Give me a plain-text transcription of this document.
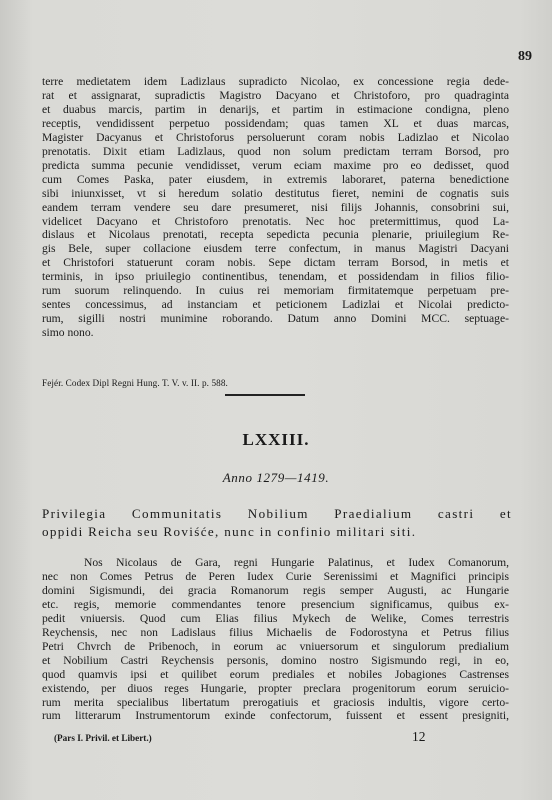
89
terre medietatem idem Ladizlaus supradicto Nicolao, ex concessione regia dede-
rat et assignarat, supradictis Magistro Dacyano et Christoforo, pro quadraginta
et duabus marcis, partim in denarijs, et partim in estimacione condigna, pleno
receptis, vendidissent perpetuo possidendam; quas tamen XL et duas marcas,
Magister Dacyanus et Christoforus persoluerunt coram nobis Ladizlao et Nicolao
prenotatis. Dixit etiam Ladizlaus, quod non solum predictam terram Borsod, pro
predicta summa pecunie vendidisset, verum eciam maxime pro eo dedisset, quod
cum Comes Paska, pater eiusdem, in extremis laboraret, paterna benedictione
sibi iniunxisset, vt si heredum solatio destitutus fieret, nemini de cognatis suis
eandem terram vendere seu dare presumeret, nisi filijs Johannis, consobrini sui,
videlicet Dacyano et Christoforo prenotatis. Nec hoc pretermittimus, quod La-
dislaus et Nicolaus prenotati, recepta sepedicta pecunia plenarie, priuilegium Re-
gis Bele, super collacione eiusdem terre confectum, in manus Magistri Dacyani
et Christofori statuerunt coram nobis. Sepe dictam terram Borsod, in metis et
terminis, in ipso priuilegio continentibus, tenendam, et possidendam in filios filio-
rum suorum relinquendo. In cuius rei memoriam firmitatemque perpetuam pre-
sentes concessimus, ad instanciam et peticionem Ladizlai et Nicolai predicto-
rum, sigilli nostri munimine roborando. Datum anno Domini MCC. septuage-
simo nono.
Fejér. Codex Dipl Regni Hung. T. V. v. II. p. 588.
LXXIII.
Anno 1279—1419.
Privilegia Communitatis Nobilium Praedialium castri et
oppidi Reicha seu Roviśće, nunc in confinio militari siti.
Nos Nicolaus de Gara, regni Hungarie Palatinus, et Iudex Comanorum,
nec non Comes Petrus de Peren Iudex Curie Serenissimi et Magnifici principis
domini Sigismundi, dei gracia Romanorum regis semper Augusti, ac Hungarie
etc. regis, memorie commendantes tenore presencium significamus, quibus ex-
pedit vniuersis. Quod cum Elias filius Mykech de Welike, Comes terrestris
Reychensis, nec non Ladislaus filius Michaelis de Fodorostyna et Petrus filius
Petri Chvrch de Pribenoch, in eorum ac vniuersorum et singulorum predialium
et Nobilium Castri Reychensis personis, domino nostro Sigismundo regi, in eo,
quod quamvis ipsi et quilibet eorum prediales et nobiles Jobagiones Castrenses
existendo, per diuos reges Hungarie, propter preclara progenitorum eorum seruicio-
rum merita specialibus libertatum prerogatiuis et graciosis indultis, vigore certo-
rum litterarum Instrumentorum exinde confectorum, fuissent et essent presigniti,
(Pars I. Privil. et Libert.)	12
